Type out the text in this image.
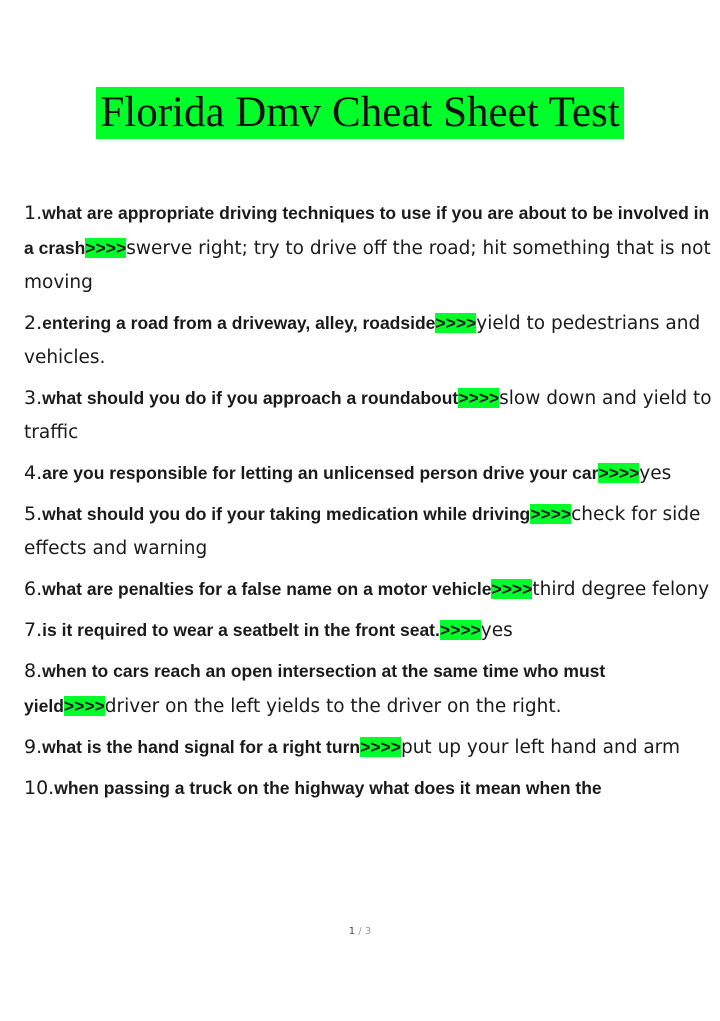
Florida Dmv Cheat Sheet Test
1.what are appropriate driving techniques to use if you are about to be involved in a crash>>>>swerve right; try to drive off the road; hit something that is not moving
2.entering a road from a driveway, alley, roadside>>>>yield to pedestrians and vehicles.
3.what should you do if you approach a roundabout>>>>slow down and yield to traffic
4.are you responsible for letting an unlicensed person drive your car>>>>yes
5.what should you do if your taking medication while driving>>>>check for side effects and warning
6.what are penalties for a false name on a motor vehicle>>>>third degree felony
7.is it required to wear a seatbelt in the front seat.>>>>yes
8.when to cars reach an open intersection at the same time who must yield>>>>driver on the left yields to the driver on the right.
9.what is the hand signal for a right turn>>>>put up your left hand and arm
10.when passing a truck on the highway what does it mean when the
1 / 3
